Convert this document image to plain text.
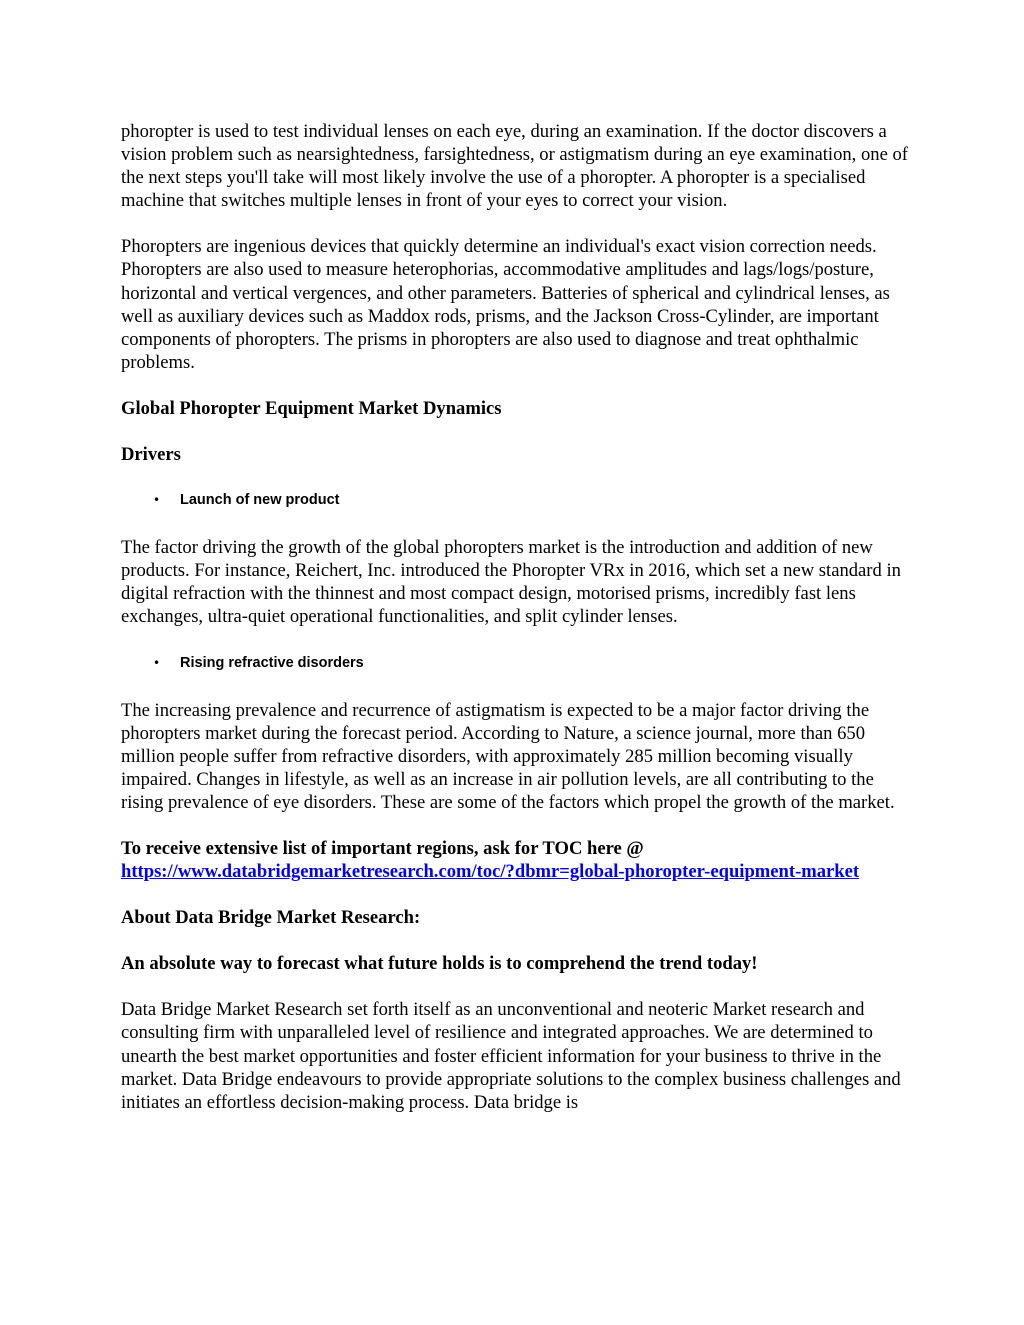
phoropter is used to test individual lenses on each eye, during an examination. If the doctor discovers a vision problem such as nearsightedness, farsightedness, or astigmatism during an eye examination, one of the next steps you'll take will most likely involve the use of a phoropter. A phoropter is a specialised machine that switches multiple lenses in front of your eyes to correct your vision.

Phoropters are ingenious devices that quickly determine an individual's exact vision correction needs. Phoropters are also used to measure heterophorias, accommodative amplitudes and lags/logs/posture, horizontal and vertical vergences, and other parameters. Batteries of spherical and cylindrical lenses, as well as auxiliary devices such as Maddox rods, prisms, and the Jackson Cross-Cylinder, are important components of phoropters. The prisms in phoropters are also used to diagnose and treat ophthalmic problems.

Global Phoropter Equipment Market Dynamics

Drivers

• Launch of new product

The factor driving the growth of the global phoropters market is the introduction and addition of new products. For instance, Reichert, Inc. introduced the Phoropter VRx in 2016, which set a new standard in digital refraction with the thinnest and most compact design, motorised prisms, incredibly fast lens exchanges, ultra-quiet operational functionalities, and split cylinder lenses.

• Rising refractive disorders

The increasing prevalence and recurrence of astigmatism is expected to be a major factor driving the phoropters market during the forecast period. According to Nature, a science journal, more than 650 million people suffer from refractive disorders, with approximately 285 million becoming visually impaired. Changes in lifestyle, as well as an increase in air pollution levels, are all contributing to the rising prevalence of eye disorders. These are some of the factors which propel the growth of the market.

To receive extensive list of important regions, ask for TOC here @
https://www.databridgemarketresearch.com/toc/?dbmr=global-phoropter-equipment-market

About Data Bridge Market Research:

An absolute way to forecast what future holds is to comprehend the trend today!

Data Bridge Market Research set forth itself as an unconventional and neoteric Market research and consulting firm with unparalleled level of resilience and integrated approaches. We are determined to unearth the best market opportunities and foster efficient information for your business to thrive in the market. Data Bridge endeavours to provide appropriate solutions to the complex business challenges and initiates an effortless decision-making process. Data bridge is
